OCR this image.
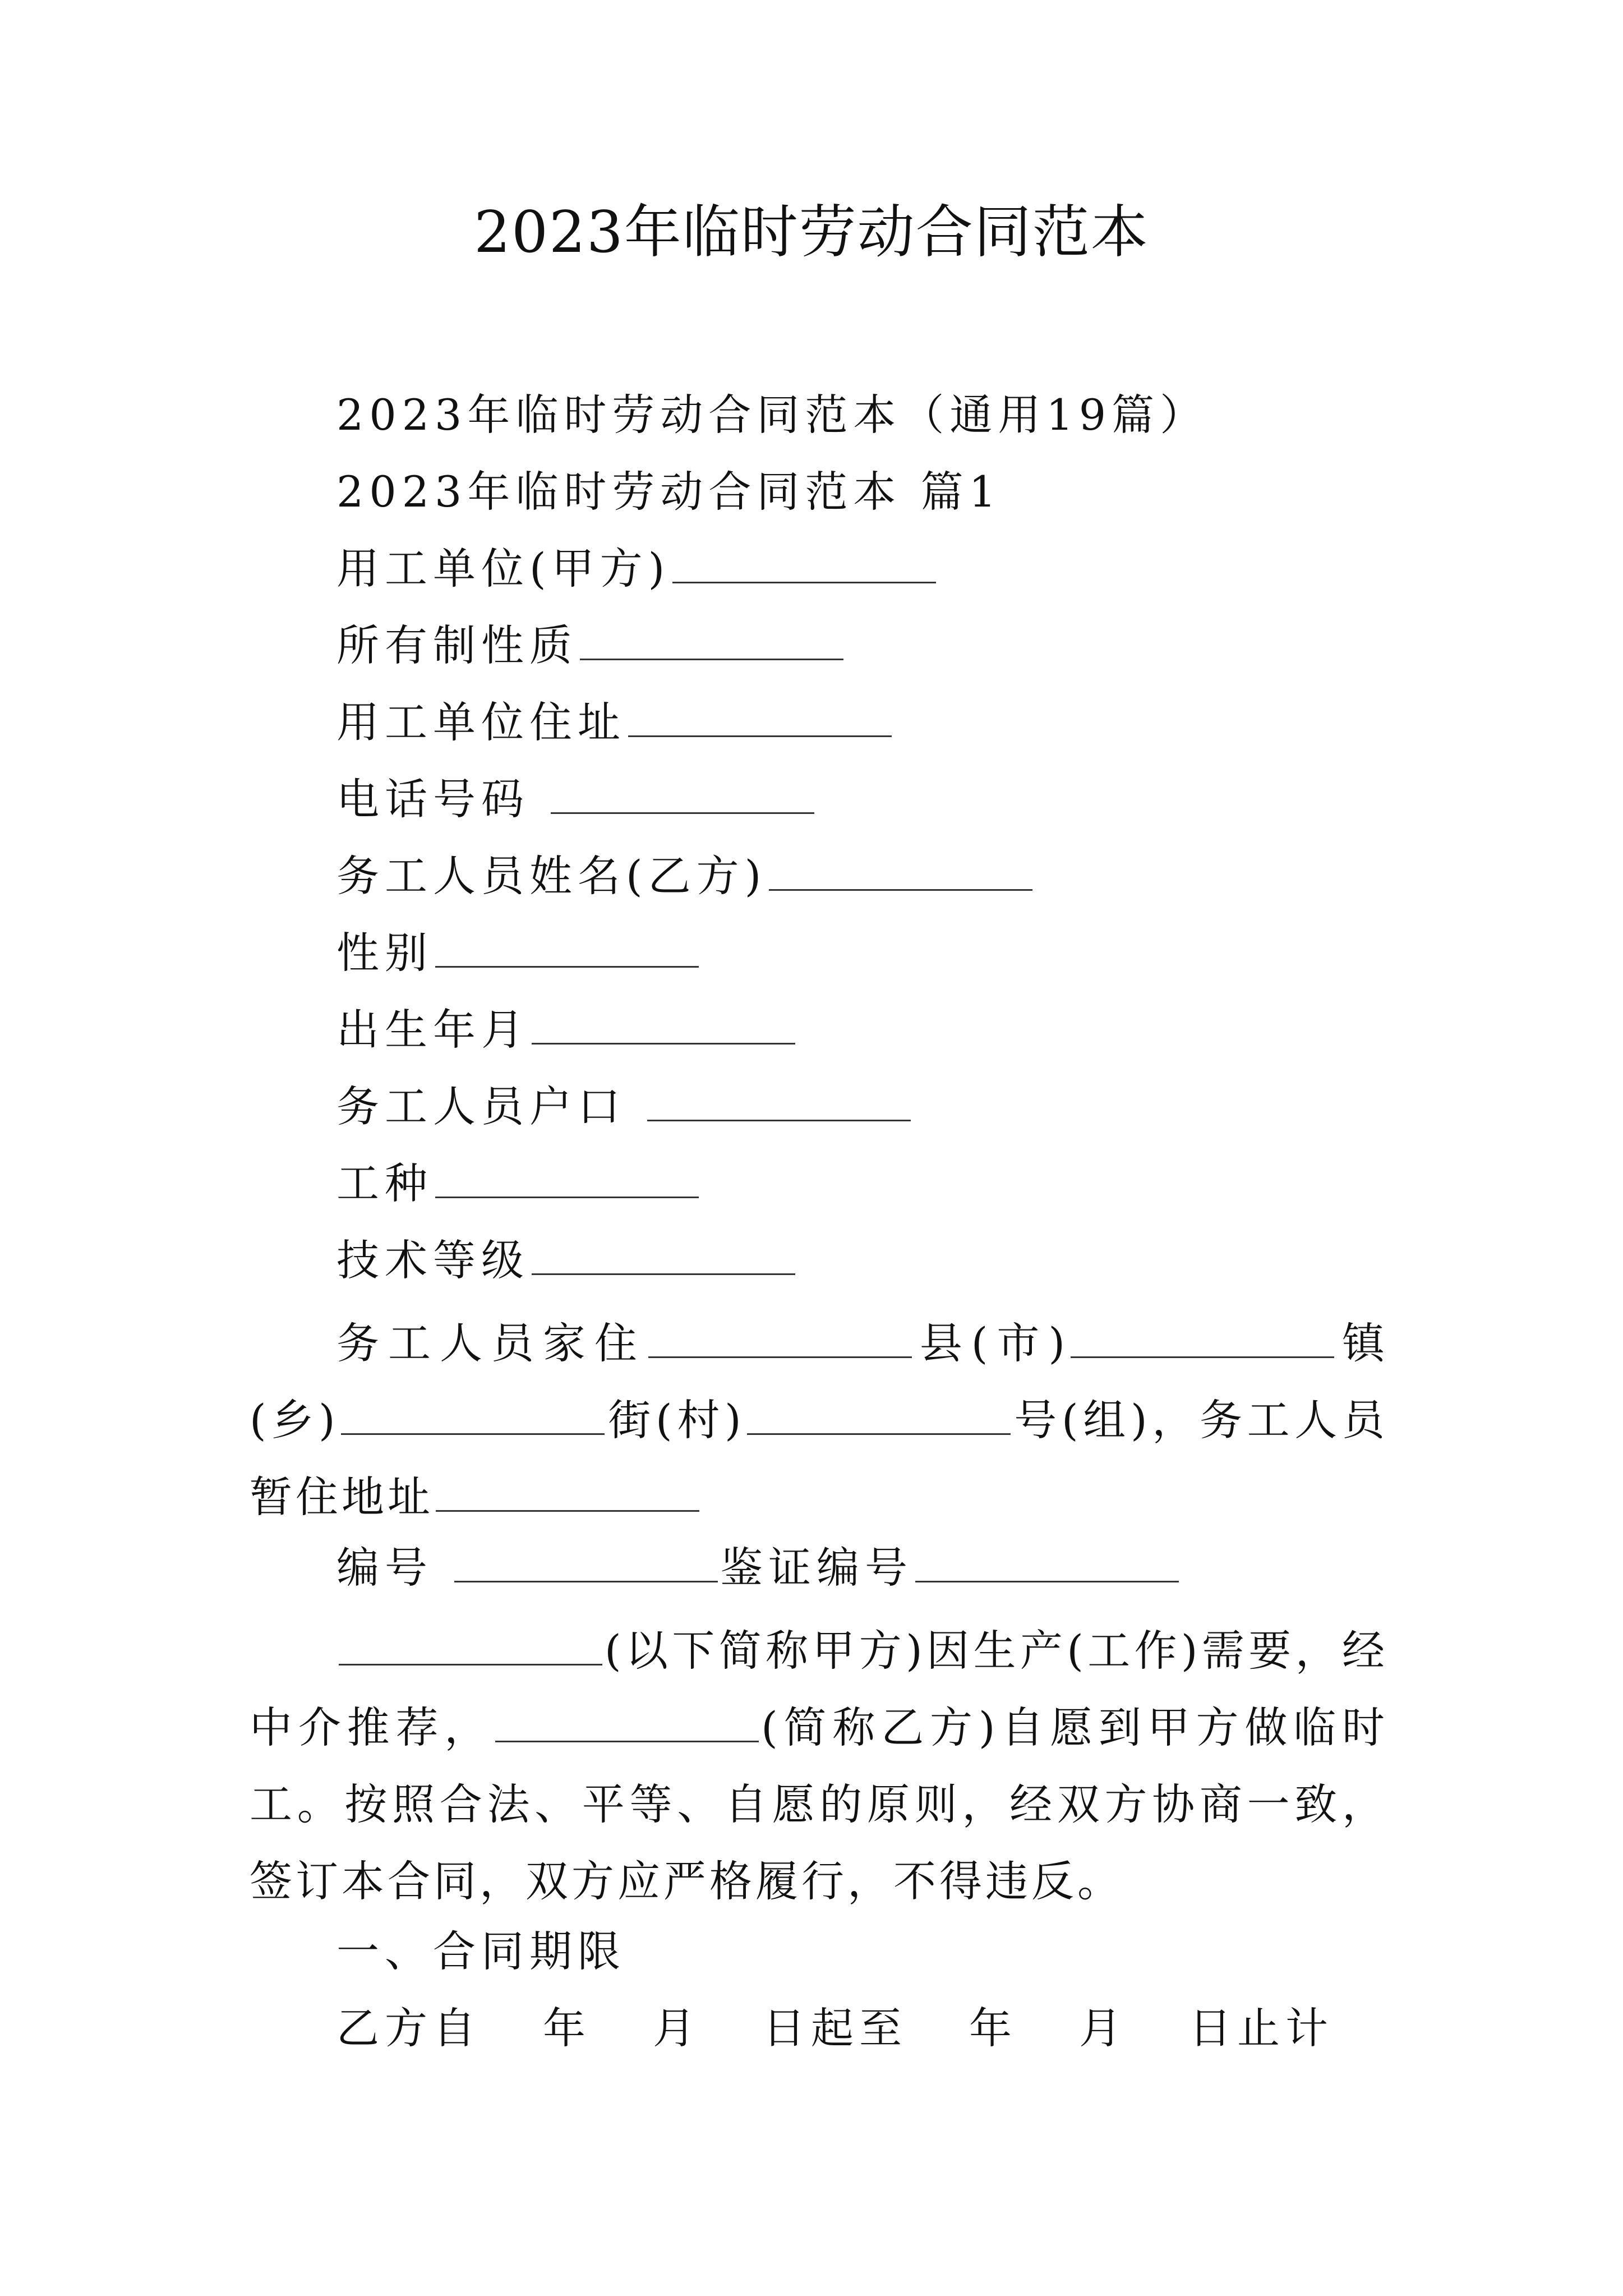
2023年临时劳动合同范本
2023年临时劳动合同范本（通用19篇）
2023年临时劳动合同范本 篇1
用工单位(甲方)
所有制性质
用工单位住址
电话号码
务工人员姓名(乙方)
性别
出生年月
务工人员户口
工种
技术等级
务工人员家住	县(市)	镇(乡)	街(村)	号(组)，务工人员暂住地址
编号	鉴证编号
(以下简称甲方)因生产(工作)需要，经中介推荐，	(简称乙方)自愿到甲方做临时工。按照合法、平等、自愿的原则，经双方协商一致，签订本合同，双方应严格履行，不得违反。
一、合同期限
乙方自 年 月 日起至 年 月 日止计
